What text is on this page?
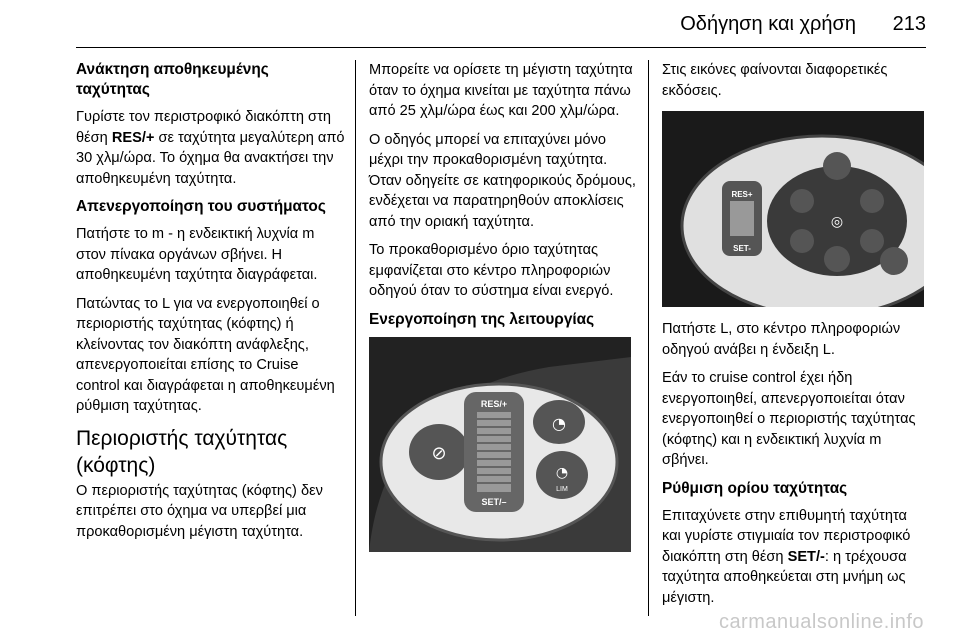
Οδήγηση και χρήση 213
Ανάκτηση αποθηκευμένης ταχύτητας

Γυρίστε τον περιστροφικό διακόπτη στη θέση RES/+ σε ταχύτητα μεγαλύτερη από 30 χλμ/ώρα. Το όχημα θα ανακτήσει την αποθηκευμένη ταχύτητα.

Απενεργοποίηση του συστήματος

Πατήστε το m - η ενδεικτική λυχνία m στον πίνακα οργάνων σβήνει. Η αποθηκευμένη ταχύτητα διαγράφεται.

Πατώντας το L για να ενεργοποιηθεί ο περιοριστής ταχύτητας (κόφτης) ή κλείνοντας τον διακόπτη ανάφλεξης, απενεργοποιείται επίσης το Cruise control και διαγράφεται η αποθηκευμένη ρύθμιση ταχύτητας.

Περιοριστής ταχύτητας (κόφτης)

Ο περιοριστής ταχύτητας (κόφτης) δεν επιτρέπει στο όχημα να υπερβεί μια προκαθορισμένη μέγιστη ταχύτητα.

Μπορείτε να ορίσετε τη μέγιστη ταχύτητα όταν το όχημα κινείται με ταχύτητα πάνω από 25 χλμ/ώρα έως και 200 χλμ/ώρα.

Ο οδηγός μπορεί να επιταχύνει μόνο μέχρι την προκαθορισμένη ταχύτητα. Όταν οδηγείτε σε κατηφορικούς δρόμους, ενδέχεται να παρατηρηθούν αποκλίσεις από την οριακή ταχύτητα.

Το προκαθορισμένο όριο ταχύτητας εμφανίζεται στο κέντρο πληροφοριών οδηγού όταν το σύστημα είναι ενεργό.

Ενεργοποίηση της λειτουργίας
⊘
RES/+
SET/–
◔
◔
LIM

Στις εικόνες φαίνονται διαφορετικές εκδόσεις.

RES+
SET-
◎

Πατήστε L, στο κέντρο πληροφοριών οδηγού ανάβει η ένδειξη L.

Εάν το cruise control έχει ήδη ενεργοποιηθεί, απενεργοποιείται όταν ενεργοποιηθεί ο περιοριστής ταχύτητας (κόφτης) και η ενδεικτική λυχνία m σβήνει.

Ρύθμιση ορίου ταχύτητας

Επιταχύνετε στην επιθυμητή ταχύτητα και γυρίστε στιγμιαία τον περιστροφικό διακόπτη στη θέση SET/-: η τρέχουσα ταχύτητα αποθηκεύεται στη μνήμη ως μέγιστη.

carmanualsonline.info
